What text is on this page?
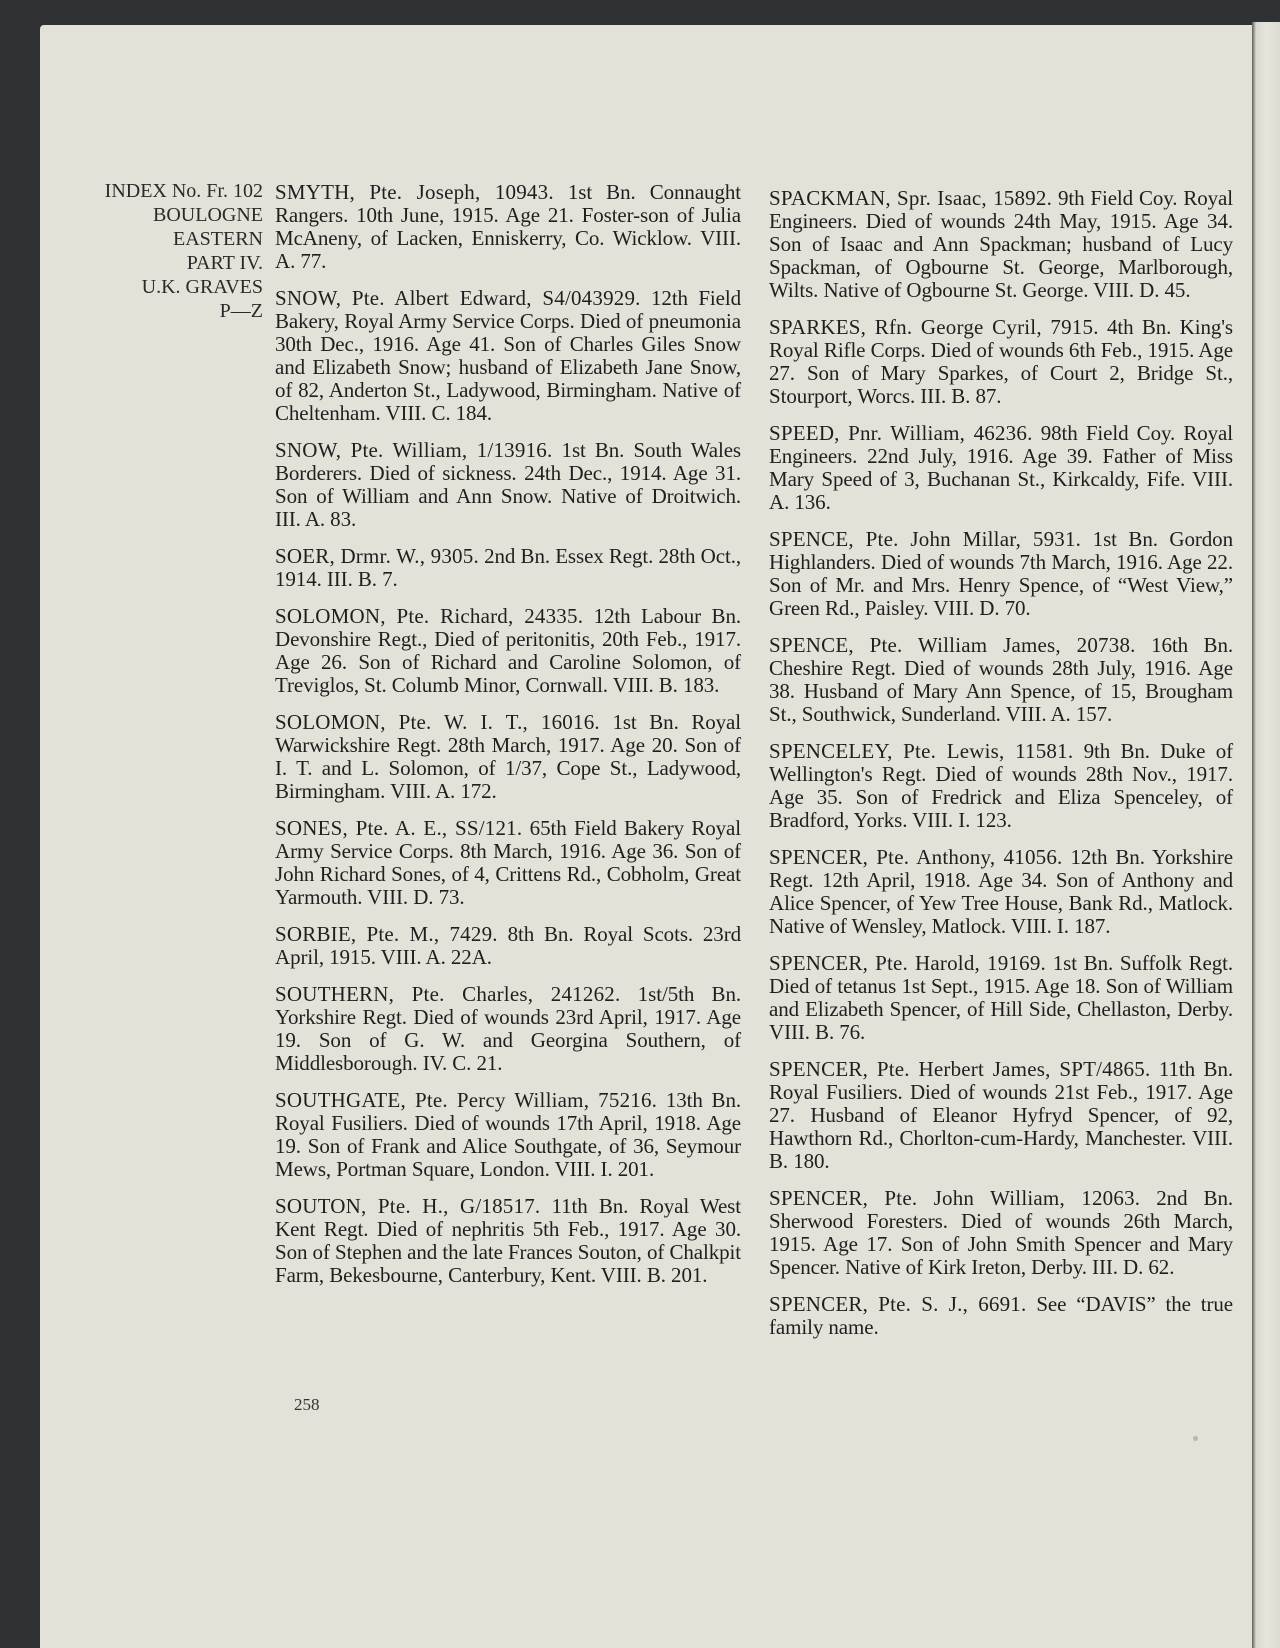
INDEX No. Fr. 102
BOULOGNE
EASTERN
PART IV.
U.K. GRAVES
P—Z

SMYTH, Pte. Joseph, 10943. 1st Bn. Connaught Rangers. 10th June, 1915. Age 21. Foster-son of Julia McAneny, of Lacken, Enniskerry, Co. Wicklow. VIII. A. 77.

SNOW, Pte. Albert Edward, S4/043929. 12th Field Bakery, Royal Army Service Corps. Died of pneumonia 30th Dec., 1916. Age 41. Son of Charles Giles Snow and Elizabeth Snow; husband of Elizabeth Jane Snow, of 82, Anderton St., Ladywood, Birmingham. Native of Cheltenham. VIII. C. 184.

SNOW, Pte. William, 1/13916. 1st Bn. South Wales Borderers. Died of sickness. 24th Dec., 1914. Age 31. Son of William and Ann Snow. Native of Droitwich. III. A. 83.

SOER, Drmr. W., 9305. 2nd Bn. Essex Regt. 28th Oct., 1914. III. B. 7.

SOLOMON, Pte. Richard, 24335. 12th Labour Bn. Devonshire Regt., Died of peritonitis, 20th Feb., 1917. Age 26. Son of Richard and Caroline Solomon, of Treviglos, St. Columb Minor, Cornwall. VIII. B. 183.

SOLOMON, Pte. W. I. T., 16016. 1st Bn. Royal Warwickshire Regt. 28th March, 1917. Age 20. Son of I. T. and L. Solomon, of 1/37, Cope St., Ladywood, Birmingham. VIII. A. 172.

SONES, Pte. A. E., SS/121. 65th Field Bakery Royal Army Service Corps. 8th March, 1916. Age 36. Son of John Richard Sones, of 4, Crittens Rd., Cobholm, Great Yarmouth. VIII. D. 73.

SORBIE, Pte. M., 7429. 8th Bn. Royal Scots. 23rd April, 1915. VIII. A. 22A.

SOUTHERN, Pte. Charles, 241262. 1st/5th Bn. Yorkshire Regt. Died of wounds 23rd April, 1917. Age 19. Son of G. W. and Georgina Southern, of Middlesborough. IV. C. 21.

SOUTHGATE, Pte. Percy William, 75216. 13th Bn. Royal Fusiliers. Died of wounds 17th April, 1918. Age 19. Son of Frank and Alice Southgate, of 36, Seymour Mews, Portman Square, London. VIII. I. 201.

SOUTON, Pte. H., G/18517. 11th Bn. Royal West Kent Regt. Died of nephritis 5th Feb., 1917. Age 30. Son of Stephen and the late Frances Souton, of Chalkpit Farm, Bekesbourne, Canterbury, Kent. VIII. B. 201.

SPACKMAN, Spr. Isaac, 15892. 9th Field Coy. Royal Engineers. Died of wounds 24th May, 1915. Age 34. Son of Isaac and Ann Spackman; husband of Lucy Spackman, of Ogbourne St. George, Marlborough, Wilts. Native of Ogbourne St. George. VIII. D. 45.

SPARKES, Rfn. George Cyril, 7915. 4th Bn. King's Royal Rifle Corps. Died of wounds 6th Feb., 1915. Age 27. Son of Mary Sparkes, of Court 2, Bridge St., Stourport, Worcs. III. B. 87.

SPEED, Pnr. William, 46236. 98th Field Coy. Royal Engineers. 22nd July, 1916. Age 39. Father of Miss Mary Speed of 3, Buchanan St., Kirkcaldy, Fife. VIII. A. 136.

SPENCE, Pte. John Millar, 5931. 1st Bn. Gordon Highlanders. Died of wounds 7th March, 1916. Age 22. Son of Mr. and Mrs. Henry Spence, of “West View,” Green Rd., Paisley. VIII. D. 70.

SPENCE, Pte. William James, 20738. 16th Bn. Cheshire Regt. Died of wounds 28th July, 1916. Age 38. Husband of Mary Ann Spence, of 15, Brougham St., Southwick, Sunderland. VIII. A. 157.

SPENCELEY, Pte. Lewis, 11581. 9th Bn. Duke of Wellington's Regt. Died of wounds 28th Nov., 1917. Age 35. Son of Fredrick and Eliza Spenceley, of Bradford, Yorks. VIII. I. 123.

SPENCER, Pte. Anthony, 41056. 12th Bn. Yorkshire Regt. 12th April, 1918. Age 34. Son of Anthony and Alice Spencer, of Yew Tree House, Bank Rd., Matlock. Native of Wensley, Matlock. VIII. I. 187.

SPENCER, Pte. Harold, 19169. 1st Bn. Suffolk Regt. Died of tetanus 1st Sept., 1915. Age 18. Son of William and Elizabeth Spencer, of Hill Side, Chellaston, Derby. VIII. B. 76.

SPENCER, Pte. Herbert James, SPT/4865. 11th Bn. Royal Fusiliers. Died of wounds 21st Feb., 1917. Age 27. Husband of Eleanor Hyfryd Spencer, of 92, Hawthorn Rd., Chorlton-cum-Hardy, Manchester. VIII. B. 180.

SPENCER, Pte. John William, 12063. 2nd Bn. Sherwood Foresters. Died of wounds 26th March, 1915. Age 17. Son of John Smith Spencer and Mary Spencer. Native of Kirk Ireton, Derby. III. D. 62.

SPENCER, Pte. S. J., 6691. See “DAVIS” the true family name.

258
